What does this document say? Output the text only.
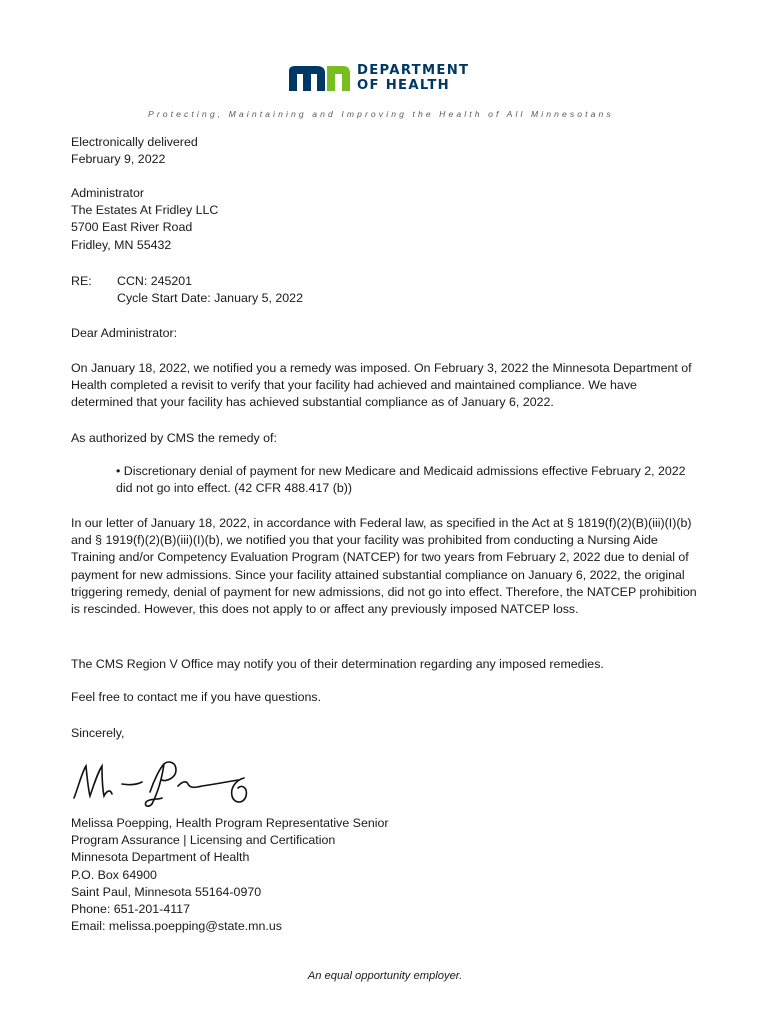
DEPARTMENT
OF HEALTH
Protecting, Maintaining and Improving the Health of All Minnesotans
Electronically delivered
February 9, 2022
Administrator
The Estates At Fridley LLC
5700 East River Road
Fridley, MN 55432
RE: CCN: 245201
Cycle Start Date: January 5, 2022
Dear Administrator:
On January 18, 2022, we notified you a remedy was imposed. On February 3, 2022 the Minnesota Department of Health completed a revisit to verify that your facility had achieved and maintained compliance. We have determined that your facility has achieved substantial compliance as of January 6, 2022.
As authorized by CMS the remedy of:
• Discretionary denial of payment for new Medicare and Medicaid admissions effective February 2, 2022 did not go into effect. (42 CFR 488.417 (b))
In our letter of January 18, 2022, in accordance with Federal law, as specified in the Act at § 1819(f)(2)(B)(iii)(I)(b) and § 1919(f)(2)(B)(iii)(I)(b), we notified you that your facility was prohibited from conducting a Nursing Aide Training and/or Competency Evaluation Program (NATCEP) for two years from February 2, 2022 due to denial of payment for new admissions. Since your facility attained substantial compliance on January 6, 2022, the original triggering remedy, denial of payment for new admissions, did not go into effect. Therefore, the NATCEP prohibition is rescinded. However, this does not apply to or affect any previously imposed NATCEP loss.
The CMS Region V Office may notify you of their determination regarding any imposed remedies.
Feel free to contact me if you have questions.
Sincerely,
Melissa Poepping, Health Program Representative Senior
Program Assurance | Licensing and Certification
Minnesota Department of Health
P.O. Box 64900
Saint Paul, Minnesota 55164-0970
Phone: 651-201-4117
Email: melissa.poepping@state.mn.us
An equal opportunity employer.
